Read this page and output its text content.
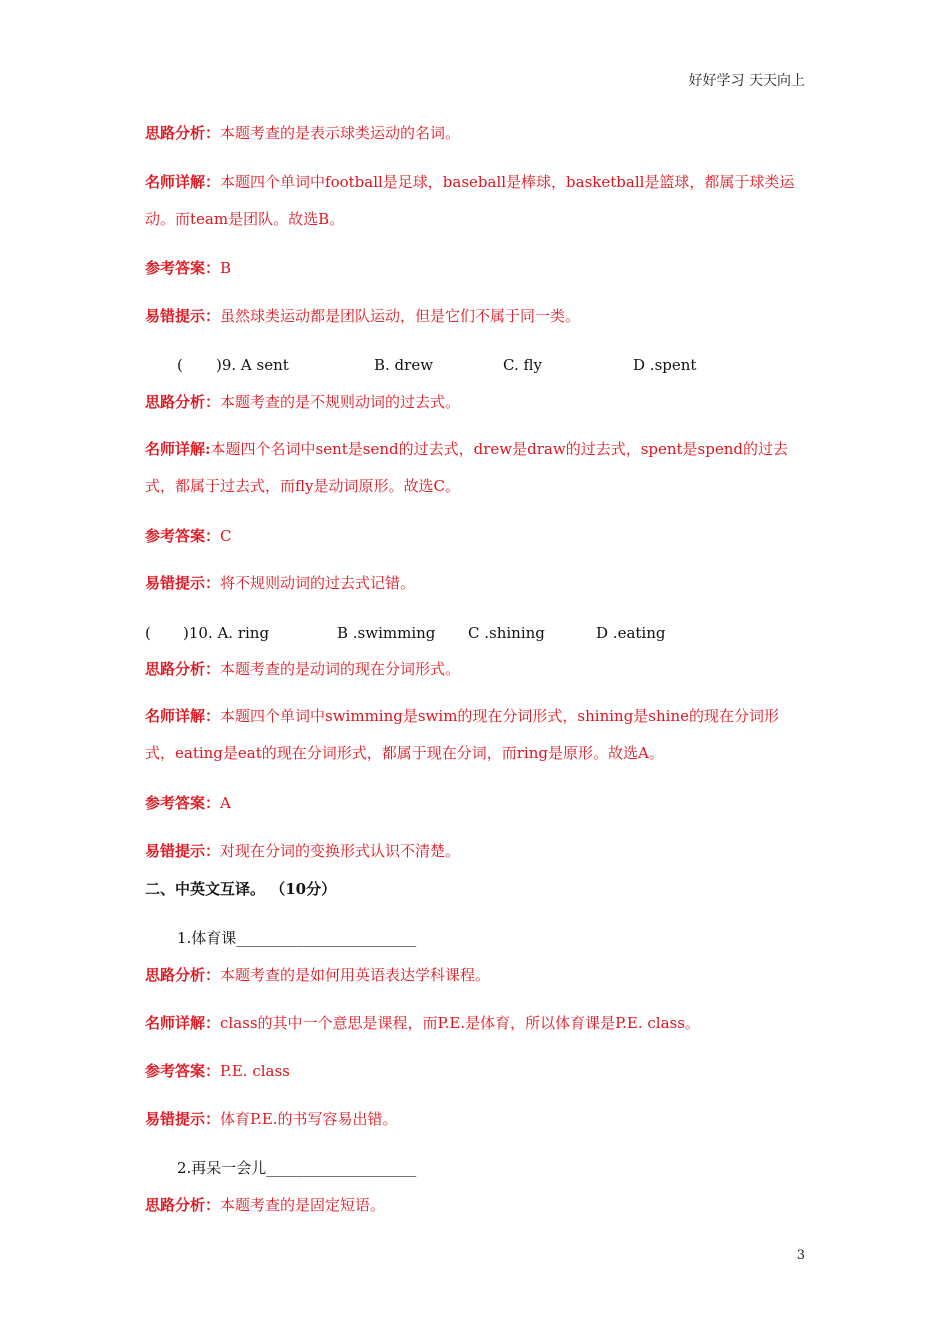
好好学习 天天向上
思路分析：本题考查的是表示球类运动的名词。
名师详解：本题四个单词中football是足球，baseball是棒球，basketball是篮球，都属于球类运动。而team是团队。故选B。
参考答案：B
易错提示：虽然球类运动都是团队运动，但是它们不属于同一类。
( )9. A sent	B. drew	C. fly	D .spent
思路分析：本题考查的是不规则动词的过去式。
名师详解:本题四个名词中sent是send的过去式，drew是draw的过去式，spent是spend的过去式，都属于过去式，而fly是动词原形。故选C。
参考答案：C
易错提示：将不规则动词的过去式记错。
( )10. A. ring	B .swimming C .shining	D .eating
思路分析：本题考查的是动词的现在分词形式。
名师详解：本题四个单词中swimming是swim的现在分词形式，shining是shine的现在分词形式，eating是eat的现在分词形式，都属于现在分词，而ring是原形。故选A。
参考答案：A
易错提示：对现在分词的变换形式认识不清楚。
二、中英文互译。 （10分）
1.体育课________________________
思路分析：本题考查的是如何用英语表达学科课程。
名师详解：class的其中一个意思是课程，而P.E.是体育，所以体育课是P.E. class。
参考答案：P.E. class
易错提示：体育P.E.的书写容易出错。
2.再呆一会儿____________________
思路分析：本题考查的是固定短语。
3
